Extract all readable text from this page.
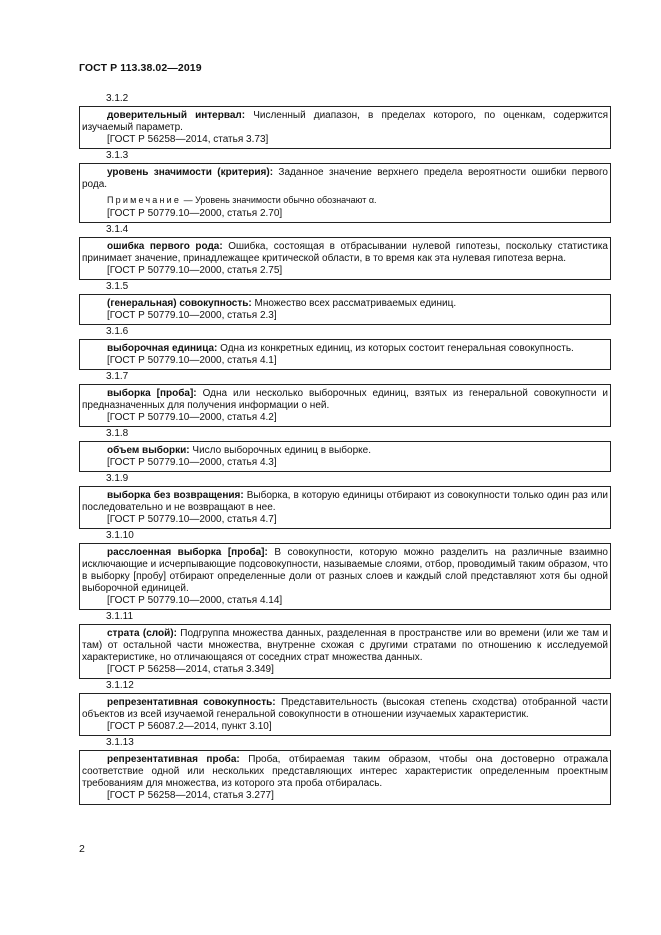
ГОСТ Р 113.38.02—2019
3.1.2
доверительный интервал: Численный диапазон, в пределах которого, по оценкам, содержится изучаемый параметр.
[ГОСТ Р 56258—2014, статья 3.73]
3.1.3
уровень значимости (критерия): Заданное значение верхнего предела вероятности ошибки первого рода.
Примечание — Уровень значимости обычно обозначают α.
[ГОСТ Р 50779.10—2000, статья 2.70]
3.1.4
ошибка первого рода: Ошибка, состоящая в отбрасывании нулевой гипотезы, поскольку статистика принимает значение, принадлежащее критической области, в то время как эта нулевая гипотеза верна.
[ГОСТ Р 50779.10—2000, статья 2.75]
3.1.5
(генеральная) совокупность: Множество всех рассматриваемых единиц.
[ГОСТ Р 50779.10—2000, статья 2.3]
3.1.6
выборочная единица: Одна из конкретных единиц, из которых состоит генеральная совокупность.
[ГОСТ Р 50779.10—2000, статья 4.1]
3.1.7
выборка [проба]: Одна или несколько выборочных единиц, взятых из генеральной совокупности и предназначенных для получения информации о ней.
[ГОСТ Р 50779.10—2000, статья 4.2]
3.1.8
объем выборки: Число выборочных единиц в выборке.
[ГОСТ Р 50779.10—2000, статья 4.3]
3.1.9
выборка без возвращения: Выборка, в которую единицы отбирают из совокупности только один раз или последовательно и не возвращают в нее.
[ГОСТ Р 50779.10—2000, статья 4.7]
3.1.10
расслоенная выборка [проба]: В совокупности, которую можно разделить на различные взаимно исключающие и исчерпывающие подсовокупности, называемые слоями, отбор, проводимый таким образом, что в выборку [пробу] отбирают определенные доли от разных слоев и каждый слой представляют хотя бы одной выборочной единицей.
[ГОСТ Р 50779.10—2000, статья 4.14]
3.1.11
страта (слой): Подгруппа множества данных, разделенная в пространстве или во времени (или же там и там) от остальной части множества, внутренне схожая с другими стратами по отношению к исследуемой характеристике, но отличающаяся от соседних страт множества данных.
[ГОСТ Р 56258—2014, статья 3.349]
3.1.12
репрезентативная совокупность: Представительность (высокая степень сходства) отобранной части объектов из всей изучаемой генеральной совокупности в отношении изучаемых характеристик.
[ГОСТ Р 56087.2—2014, пункт 3.10]
3.1.13
репрезентативная проба: Проба, отбираемая таким образом, чтобы она достоверно отражала соответствие одной или нескольких представляющих интерес характеристик определенным проектным требованиям для множества, из которого эта проба отбиралась.
[ГОСТ Р 56258—2014, статья 3.277]
2
